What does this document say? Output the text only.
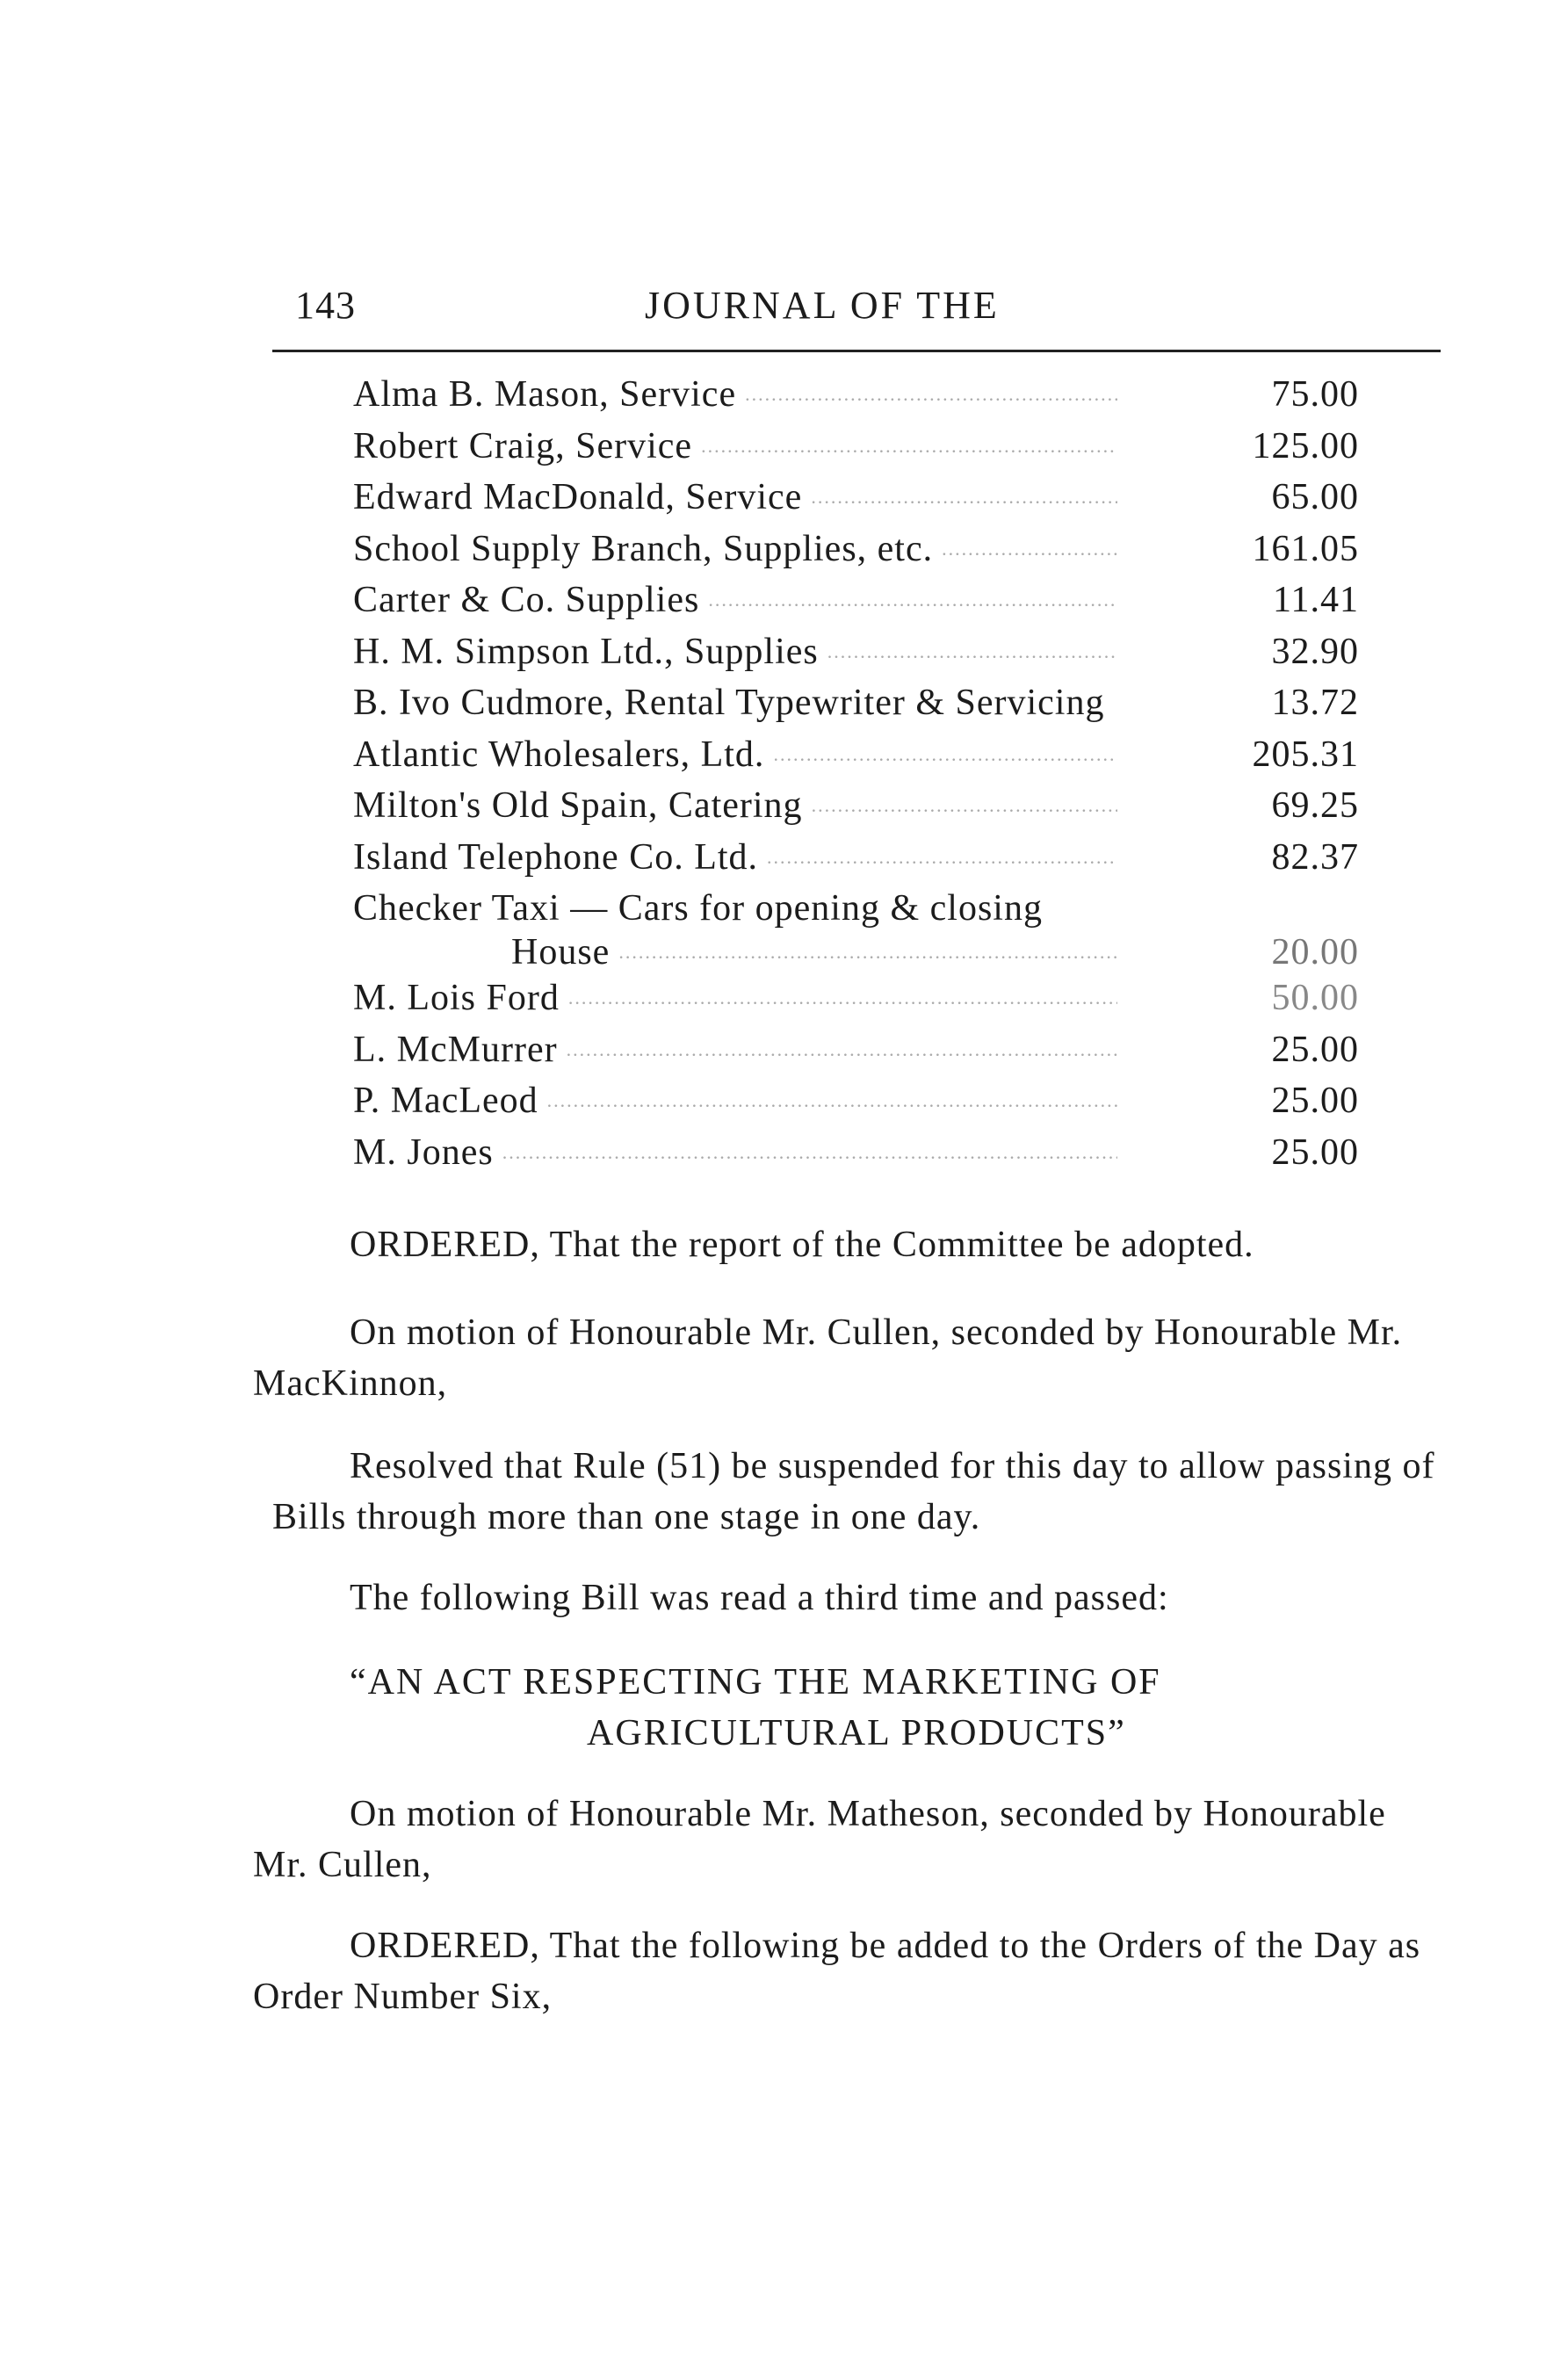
143	JOURNAL OF THE
Alma B. Mason, Service .....	75.00
Robert Craig, Service .....	125.00
Edward MacDonald, Service .....	65.00
School Supply Branch, Supplies, etc. .....	161.05
Carter & Co. Supplies .....	11.41
H. M. Simpson Ltd., Supplies .....	32.90
B. Ivo Cudmore, Rental Typewriter & Servicing	13.72
Atlantic Wholesalers, Ltd. .....	205.31
Milton's Old Spain, Catering .....	69.25
Island Telephone Co. Ltd. .....	82.37
Checker Taxi — Cars for opening & closing
House .....	20.00
M. Lois Ford .....	50.00
L. McMurrer .....	25.00
P. MacLeod .....	25.00
M. Jones .....	25.00
ORDERED, That the report of the Committee be adopted.
On motion of Honourable Mr. Cullen, seconded by Honourable Mr. MacKinnon,
Resolved that Rule (51) be suspended for this day to allow passing of Bills through more than one stage in one day.
The following Bill was read a third time and passed:
“AN ACT RESPECTING THE MARKETING OF
AGRICULTURAL PRODUCTS”
On motion of Honourable Mr. Matheson, seconded by Honourable Mr. Cullen,
ORDERED, That the following be added to the Orders of the Day as Order Number Six,
